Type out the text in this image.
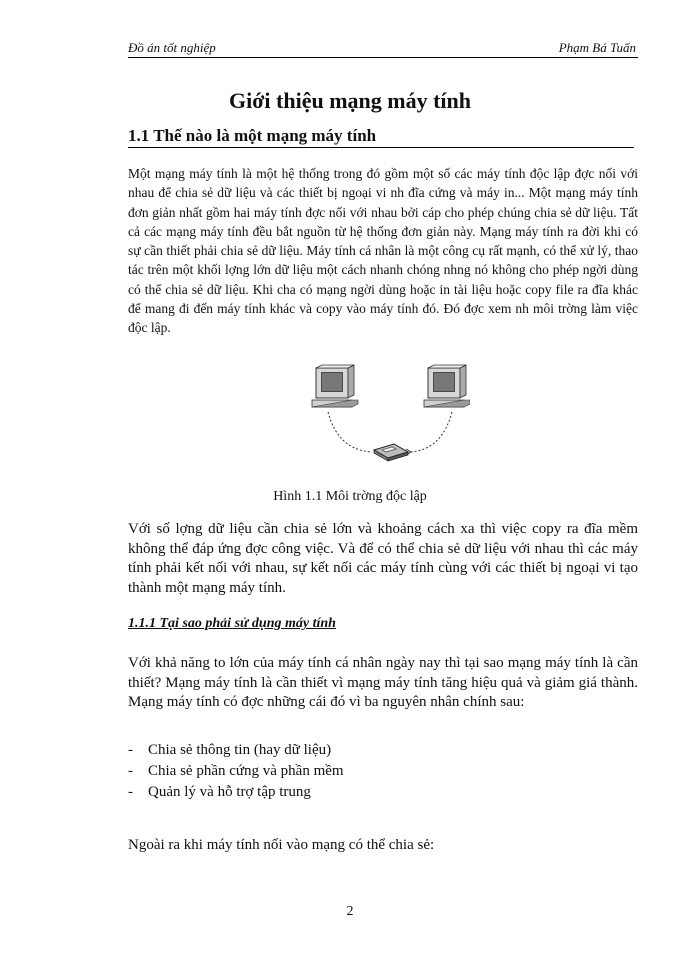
Đồ án tốt nghiệp	Phạm Bá Tuấn
Giới thiệu mạng máy tính
1.1 Thế nào là một mạng máy tính
Một mạng máy tính là một hệ thống trong đó gồm một số các máy tính độc lập đợc nối với nhau để chia sẻ dữ liệu và các thiết bị ngoại vi nh đĩa cứng và máy in... Một mạng máy tính đơn giản nhất gồm hai máy tính đợc nối với nhau bởi cáp cho phép chúng chia sẻ dữ liệu. Tất cả các mạng máy tính đều bắt nguồn từ hệ thống đơn giản này. Mạng máy tính ra đời khi có sự cần thiết phải chia sẻ dữ liệu. Máy tính cá nhân là một công cụ rất mạnh, có thể xử lý, thao tác trên một khối lợng lớn dữ liệu một cách nhanh chóng nhng nó không cho phép ngời dùng có thể chia sẻ dữ liệu. Khi cha có mạng ngời dùng hoặc in tài liệu hoặc copy file ra đĩa khác để mang đi đến máy tính khác và copy vào máy tính đó. Đó đợc xem nh môi trờng làm việc độc lập.
Hình 1.1 Môi trờng độc lập
Với số lợng dữ liệu cần chia sẻ lớn và khoảng cách xa thì việc copy ra đĩa mềm không thể đáp ứng đợc công việc. Và để có thể chia sẻ dữ liệu với nhau thì các máy tính phải kết nối với nhau, sự kết nối các máy tính cùng với các thiết bị ngoại vi tạo thành một mạng máy tính.
1.1.1 Tại sao phải sử dụng máy tính
Với khả năng to lớn của máy tính cá nhân ngày nay thì tại sao mạng máy tính là cần thiết? Mạng máy tính là cần thiết vì mạng máy tính tăng hiệu quả và giảm giá thành. Mạng máy tính có đợc những cái đó vì ba nguyên nhân chính sau:
- Chia sẻ thông tin (hay dữ liệu)
- Chia sẻ phần cứng và phần mềm
- Quản lý và hỗ trợ tập trung
Ngoài ra khi máy tính nối vào mạng có thể chia sẻ:
2
